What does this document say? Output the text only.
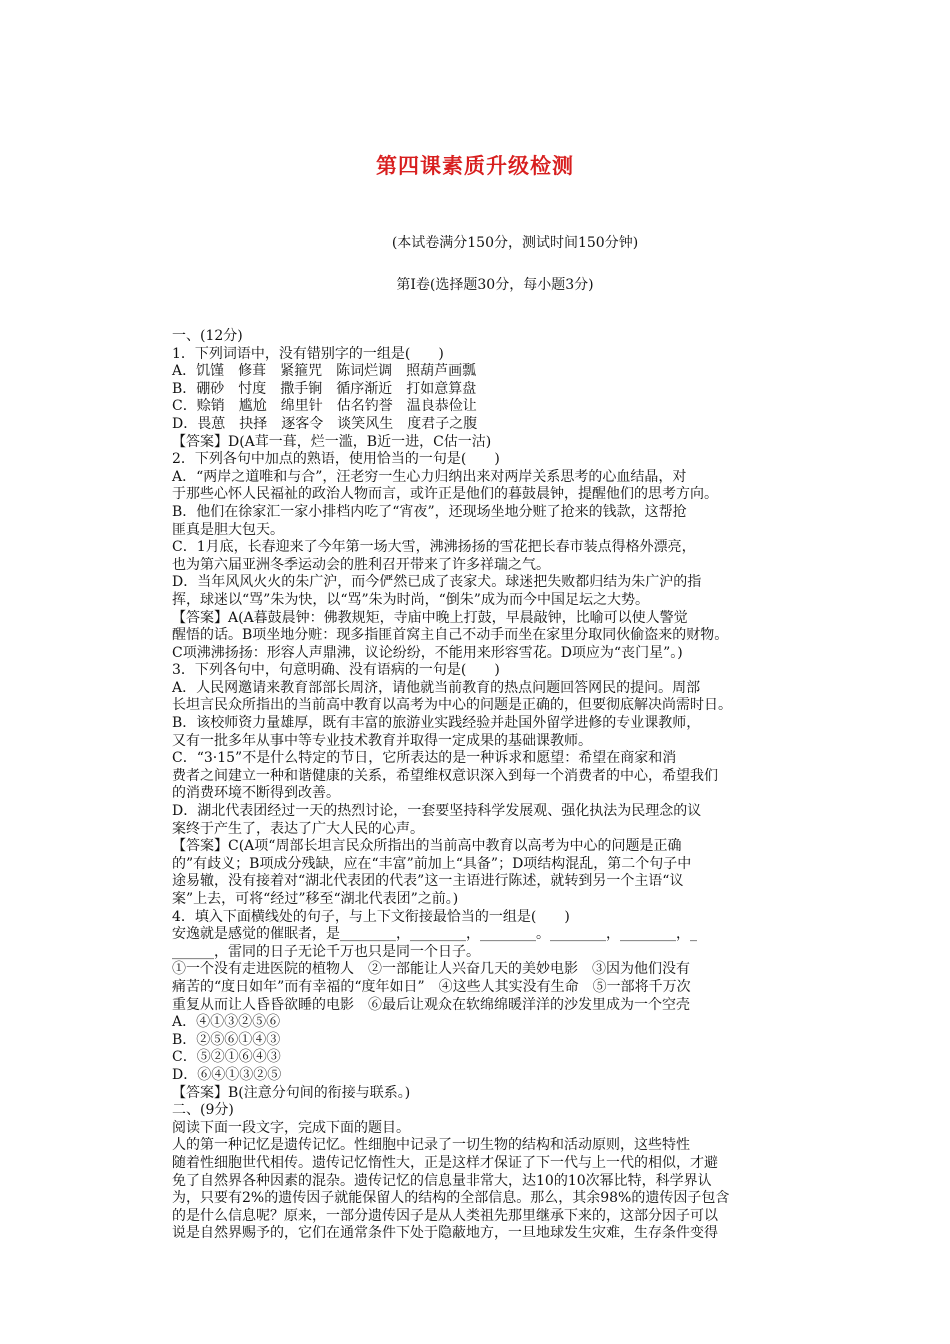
第四课素质升级检测
(本试卷满分150分，测试时间150分钟)
第Ⅰ卷(选择题30分，每小题3分)

一、(12分)

1．下列词语中，没有错别字的一组是(　　)

A．饥馑　修葺　紧箍咒　陈词烂调　照葫芦画瓢

B．硼砂　忖度　撒手锏　循序渐近　打如意算盘

C．赊销　尴尬　绵里针　估名钓誉　温良恭俭让

D．畏葸　抉择　逐客令　谈笑风生　度君子之腹

【答案】D(A茸一葺，烂一滥，B近一进，C估一沽)

2．下列各句中加点的熟语，使用恰当的一句是(　　)

A．“两岸之道唯和与合”，汪老穷一生心力归纳出来对两岸关系思考的心血结晶，对

于那些心怀人民福祉的政治人物而言，或许正是他们的暮鼓晨钟，提醒他们的思考方向。

B．他们在徐家汇一家小排档内吃了“宵夜”，还现场坐地分赃了抢来的钱款，这帮抢

匪真是胆大包天。

C．1月底，长春迎来了今年第一场大雪，沸沸扬扬的雪花把长春市装点得格外漂亮，

也为第六届亚洲冬季运动会的胜利召开带来了许多祥瑞之气。

D．当年风风火火的朱广沪，而今俨然已成了丧家犬。球迷把失败都归结为朱广沪的指

挥，球迷以“骂”朱为快，以“骂”朱为时尚，“倒朱”成为而今中国足坛之大势。

【答案】A(A暮鼓晨钟：佛教规矩，寺庙中晚上打鼓，早晨敲钟，比喻可以使人警觉

醒悟的话。B项坐地分赃：现多指匪首窝主自己不动手而坐在家里分取同伙偷盗来的财物。

C项沸沸扬扬：形容人声鼎沸，议论纷纷，不能用来形容雪花。D项应为“丧门星”。)

3．下列各句中，句意明确、没有语病的一句是(　　)

A．人民网邀请来教育部部长周济，请他就当前教育的热点问题回答网民的提问。周部

长坦言民众所指出的当前高中教育以高考为中心的问题是正确的，但要彻底解决尚需时日。

B．该校师资力量雄厚，既有丰富的旅游业实践经验并赴国外留学进修的专业课教师，

又有一批多年从事中等专业技术教育并取得一定成果的基础课教师。

C．“3·15”不是什么特定的节日，它所表达的是一种诉求和愿望：希望在商家和消

费者之间建立一种和谐健康的关系，希望维权意识深入到每一个消费者的中心，希望我们

的消费环境不断得到改善。

D．湖北代表团经过一天的热烈讨论，一套要坚持科学发展观、强化执法为民理念的议

案终于产生了，表达了广大人民的心声。

【答案】C(A项“周部长坦言民众所指出的当前高中教育以高考为中心的问题是正确

的”有歧义；B项成分残缺，应在“丰富”前加上“具备”；D项结构混乱，第二个句子中

途易辙，没有接着对“湖北代表团的代表”这一主语进行陈述，就转到另一个主语“议

案”上去，可将“经过”移至“湖北代表团”之前。)

4．填入下面横线处的句子，与上下文衔接最恰当的一组是(　　)

安逸就是感觉的催眠者，是________，________，________。________，________，_

______，雷同的日子无论千万也只是同一个日子。

①一个没有走进医院的植物人　②一部能让人兴奋几天的美妙电影　③因为他们没有

痛苦的“度日如年”而有幸福的“度年如日”　④这些人其实没有生命　⑤一部将千万次

重复从而让人昏昏欲睡的电影　⑥最后让观众在软绵绵暖洋洋的沙发里成为一个空壳

A．④①③②⑤⑥

B．②⑤⑥①④③

C．⑤②①⑥④③

D．⑥④①③②⑤

【答案】B(注意分句间的衔接与联系。)

二、(9分)

阅读下面一段文字，完成下面的题目。

人的第一种记忆是遗传记忆。性细胞中记录了一切生物的结构和活动原则，这些特性

随着性细胞世代相传。遗传记忆惰性大，正是这样才保证了下一代与上一代的相似，才避

免了自然界各种因素的混杂。遗传记忆的信息量非常大，达10的10次幂比特，科学界认

为，只要有2%的遗传因子就能保留人的结构的全部信息。那么，其余98%的遗传因子包含

的是什么信息呢？原来，一部分遗传因子是从人类祖先那里继承下来的，这部分因子可以

说是自然界赐予的，它们在通常条件下处于隐蔽地方，一旦地球发生灾难，生存条件变得
